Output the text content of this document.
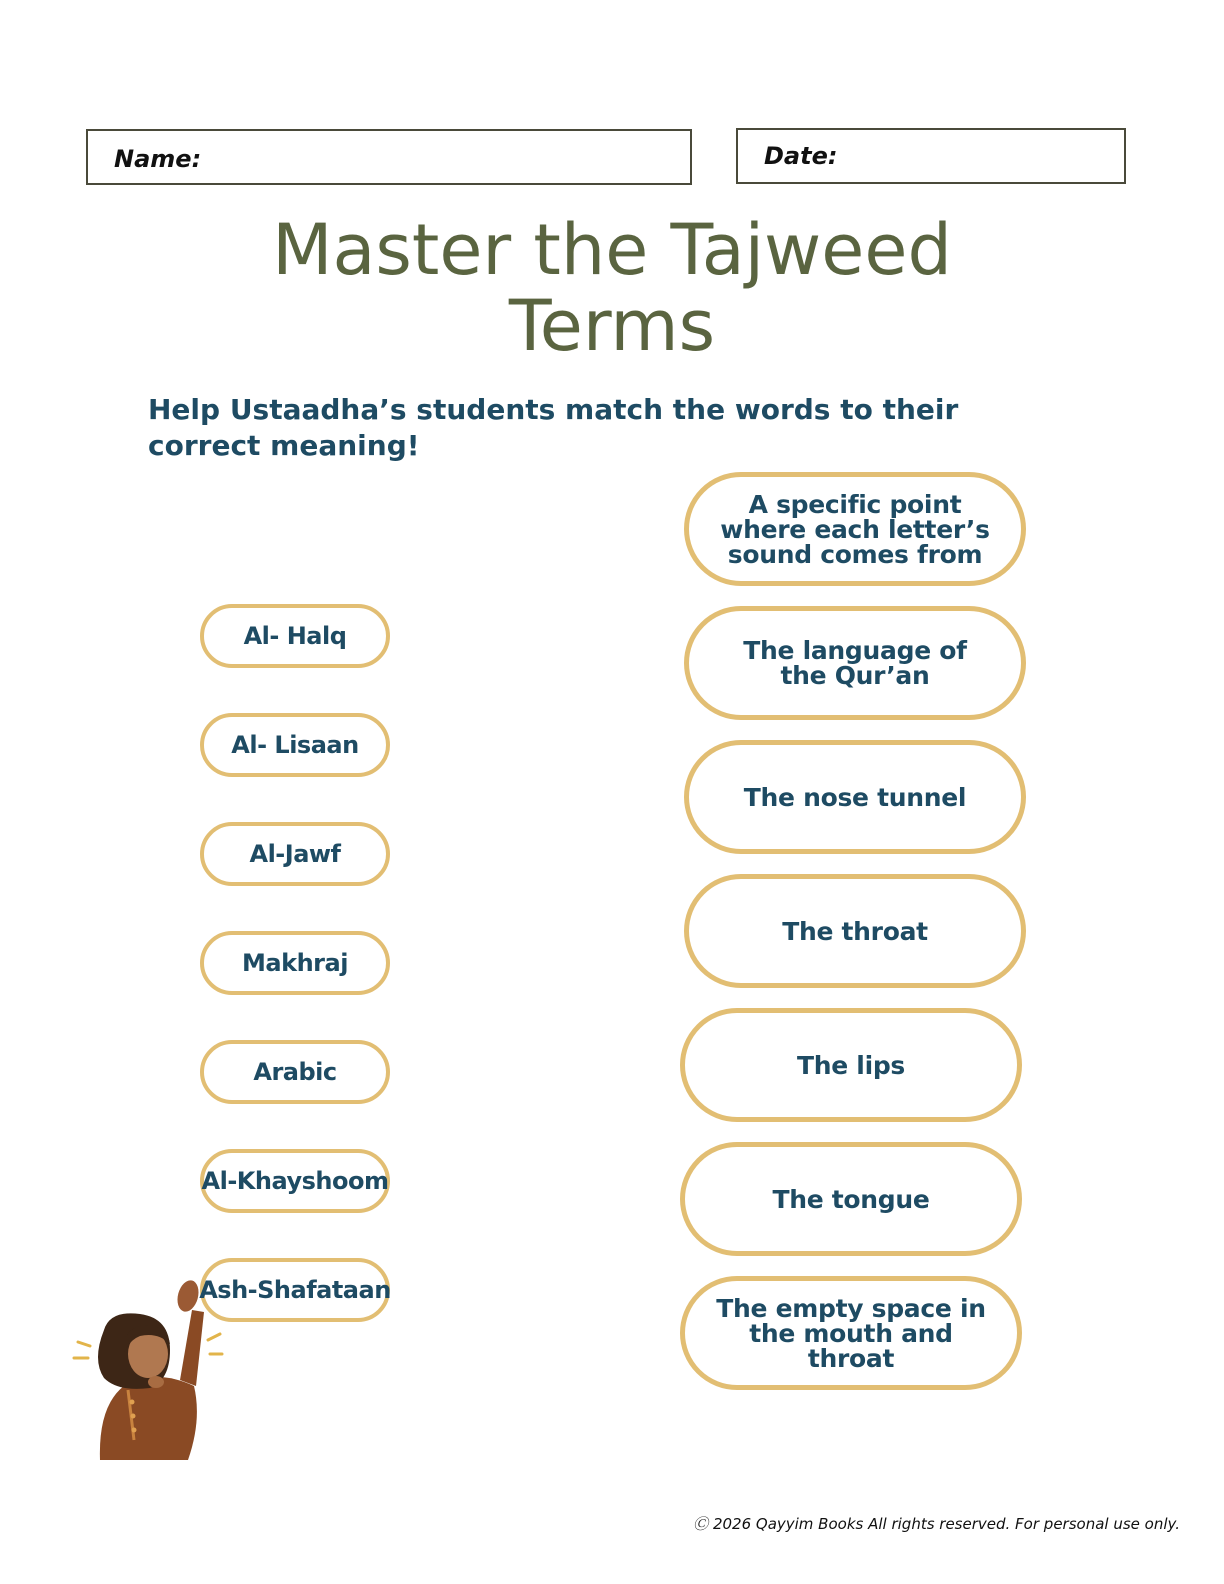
Name:	Date:
Master the Tajweed
Terms
Help Ustaadha’s students match the words to their correct meaning!
Al- Halq
Al- Lisaan
Al-Jawf
Makhraj
Arabic
Al-Khayshoom
Ash-Shafataan
A specific point where each letter’s sound comes from
The language of the Qur’an
The nose tunnel
The throat
The lips
The tongue
The empty space in the mouth and throat
Ⓒ 2026 Qayyim Books All rights reserved. For personal use only.
